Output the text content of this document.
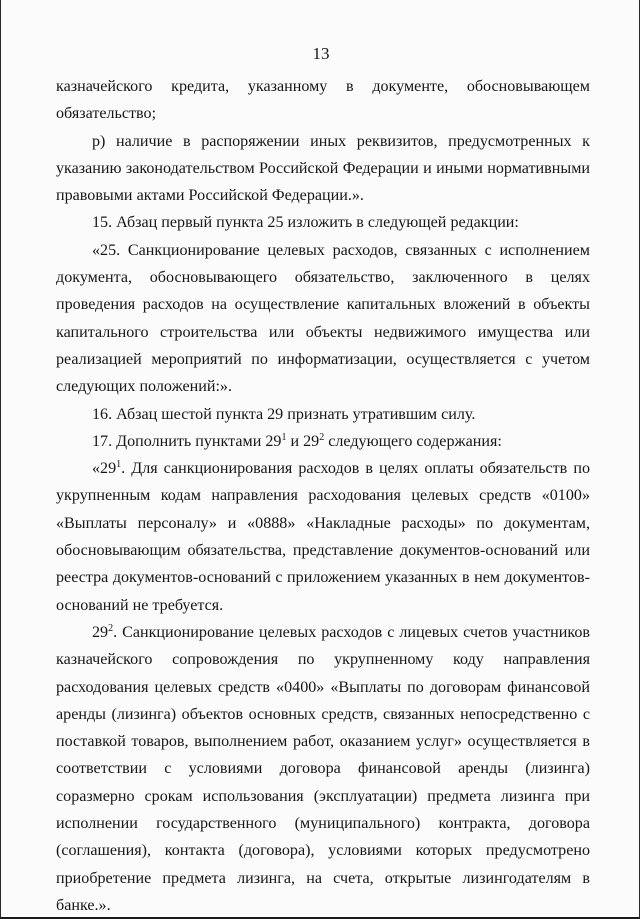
13

казначейского кредита, указанному в документе, обосновывающем обязательство;

р) наличие в распоряжении иных реквизитов, предусмотренных к указанию законодательством Российской Федерации и иными нормативными правовыми актами Российской Федерации.».

15. Абзац первый пункта 25 изложить в следующей редакции:

«25. Санкционирование целевых расходов, связанных с исполнением документа, обосновывающего обязательство, заключенного в целях проведения расходов на осуществление капитальных вложений в объекты капитального строительства или объекты недвижимого имущества или реализацией мероприятий по информатизации, осуществляется с учетом следующих положений:».

16. Абзац шестой пункта 29 признать утратившим силу.

17. Дополнить пунктами $29^1$ и $29^2$ следующего содержания:

«$29^1$. Для санкционирования расходов в целях оплаты обязательств по укрупненным кодам направления расходования целевых средств «0100» «Выплаты персоналу» и «0888» «Накладные расходы» по документам, обосновывающим обязательства, представление документов-оснований или реестра документов-оснований с приложением указанных в нем документов-оснований не требуется.

$29^2$. Санкционирование целевых расходов с лицевых счетов участников казначейского сопровождения по укрупненному коду направления расходования целевых средств «0400» «Выплаты по договорам финансовой аренды (лизинга) объектов основных средств, связанных непосредственно с поставкой товаров, выполнением работ, оказанием услуг» осуществляется в соответствии с условиями договора финансовой аренды (лизинга) соразмерно срокам использования (эксплуатации) предмета лизинга при исполнении государственного (муниципального) контракта, договора (соглашения), контакта (договора), условиями которых предусмотрено приобретение предмета лизинга, на счета, открытые лизингодателям в банке.».
